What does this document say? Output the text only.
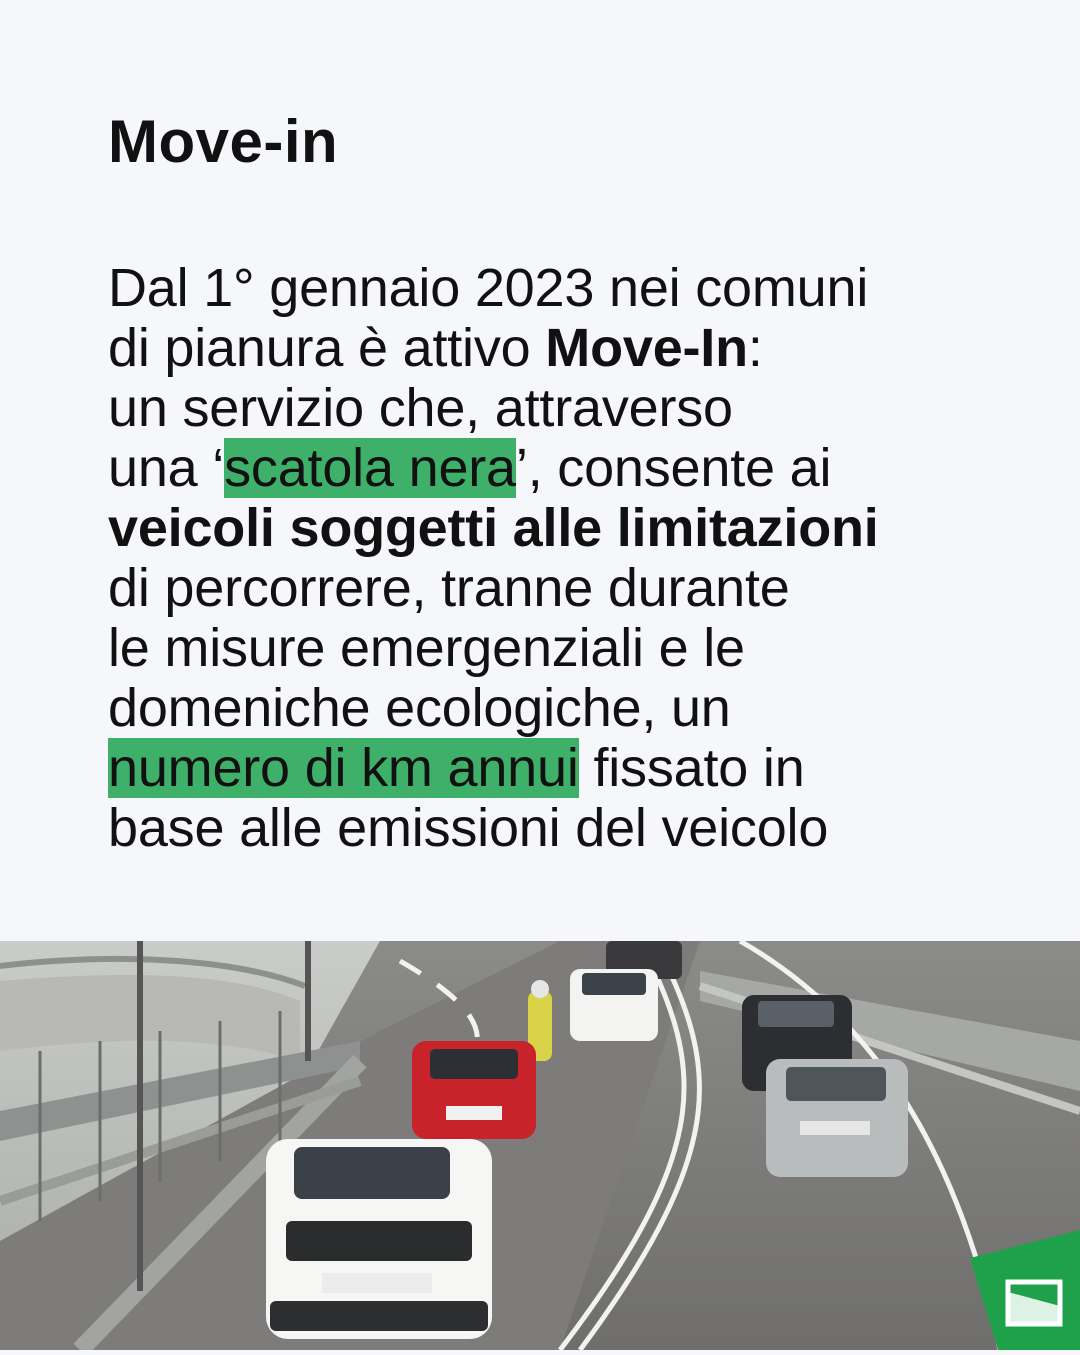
Move-in
Dal 1° gennaio 2023 nei comuni
di pianura è attivo Move-In:
un servizio che, attraverso
una ‘scatola nera’, consente ai
veicoli soggetti alle limitazioni
di percorrere, tranne durante
le misure emergenziali e le
domeniche ecologiche, un
numero di km annui fissato in
base alle emissioni del veicolo
